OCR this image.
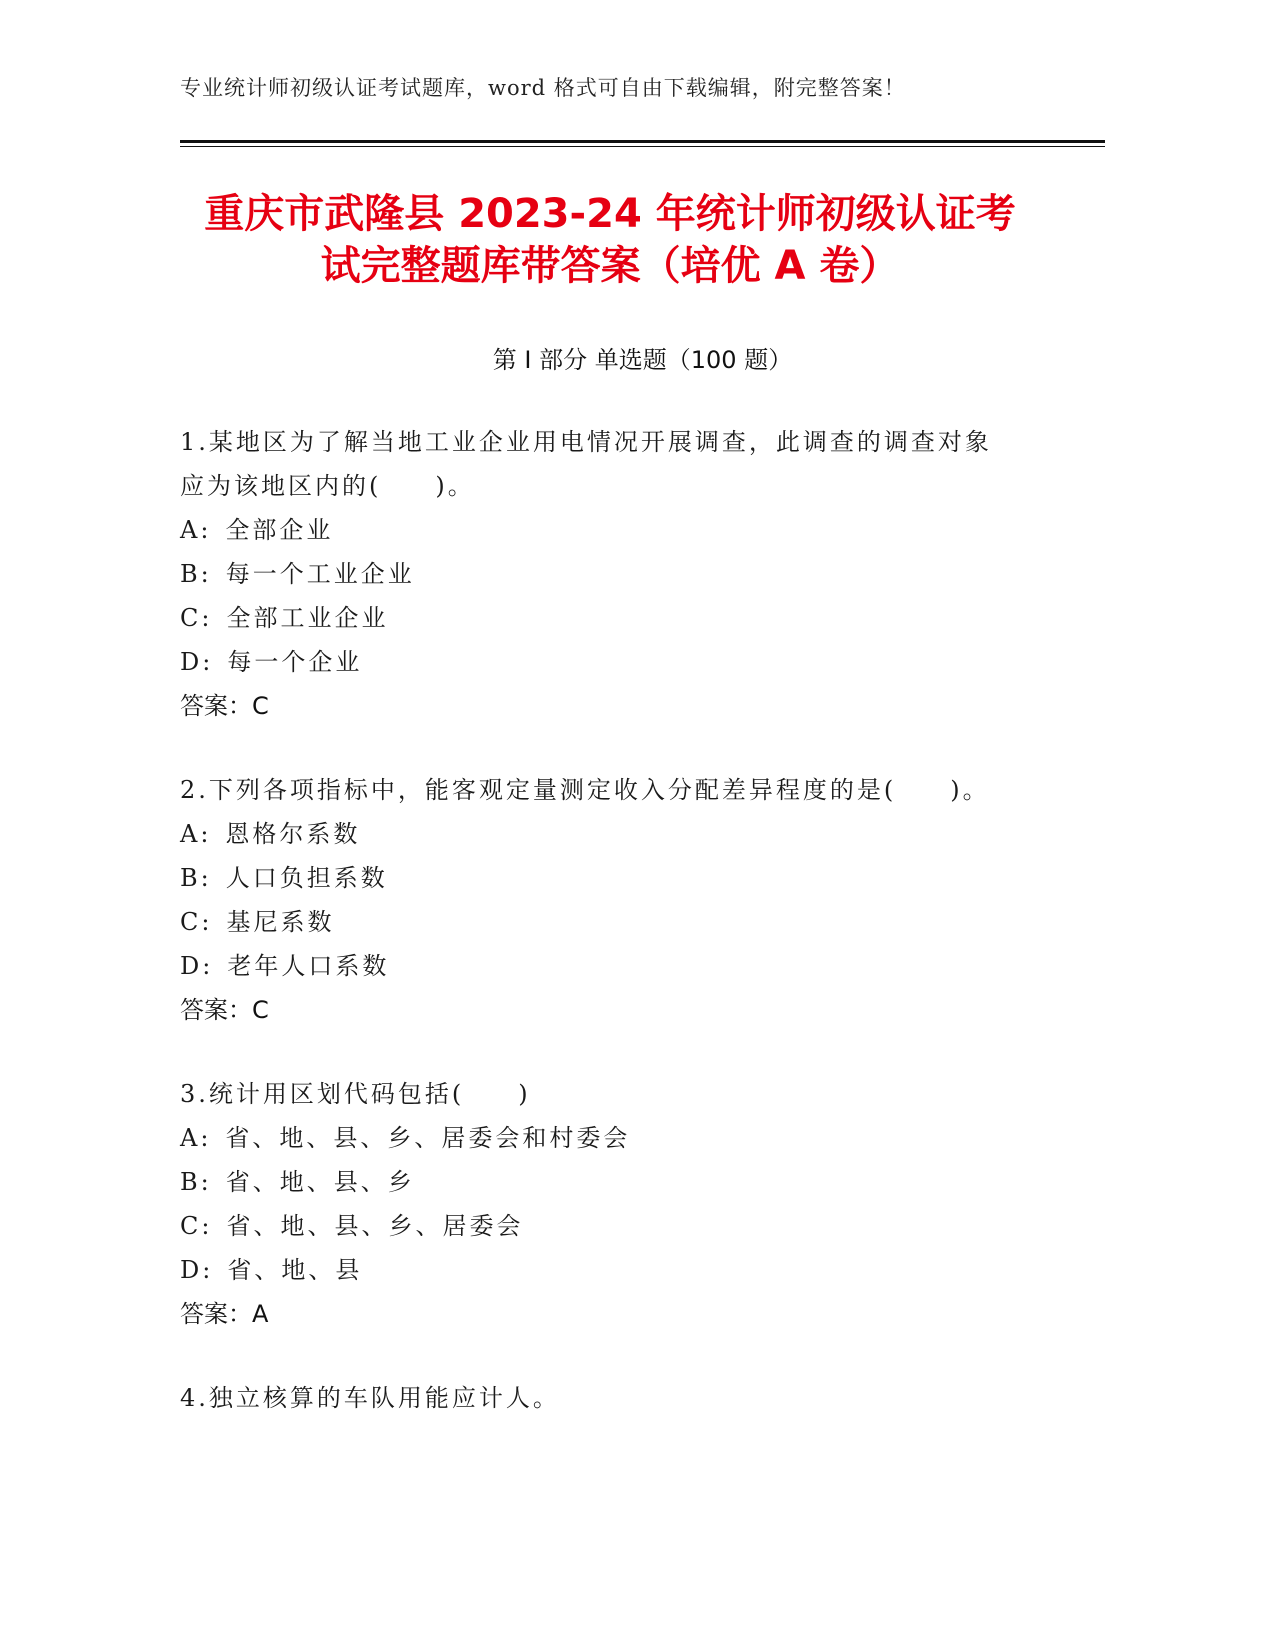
专业统计师初级认证考试题库，word 格式可自由下载编辑，附完整答案！
重庆市武隆县 2023-24 年统计师初级认证考
试完整题库带答案（培优 A 卷）
第 I 部分 单选题（100 题）
1.某地区为了解当地工业企业用电情况开展调查，此调查的调查对象
应为该地区内的(　　)。
A: 全部企业
B: 每一个工业企业
C: 全部工业企业
D: 每一个企业
答案：C
2.下列各项指标中，能客观定量测定收入分配差异程度的是(　　)。
A: 恩格尔系数
B: 人口负担系数
C: 基尼系数
D: 老年人口系数
答案：C
3.统计用区划代码包括(　　)
A: 省、地、县、乡、居委会和村委会
B: 省、地、县、乡
C: 省、地、县、乡、居委会
D: 省、地、县
答案：A
4.独立核算的车队用能应计人。
